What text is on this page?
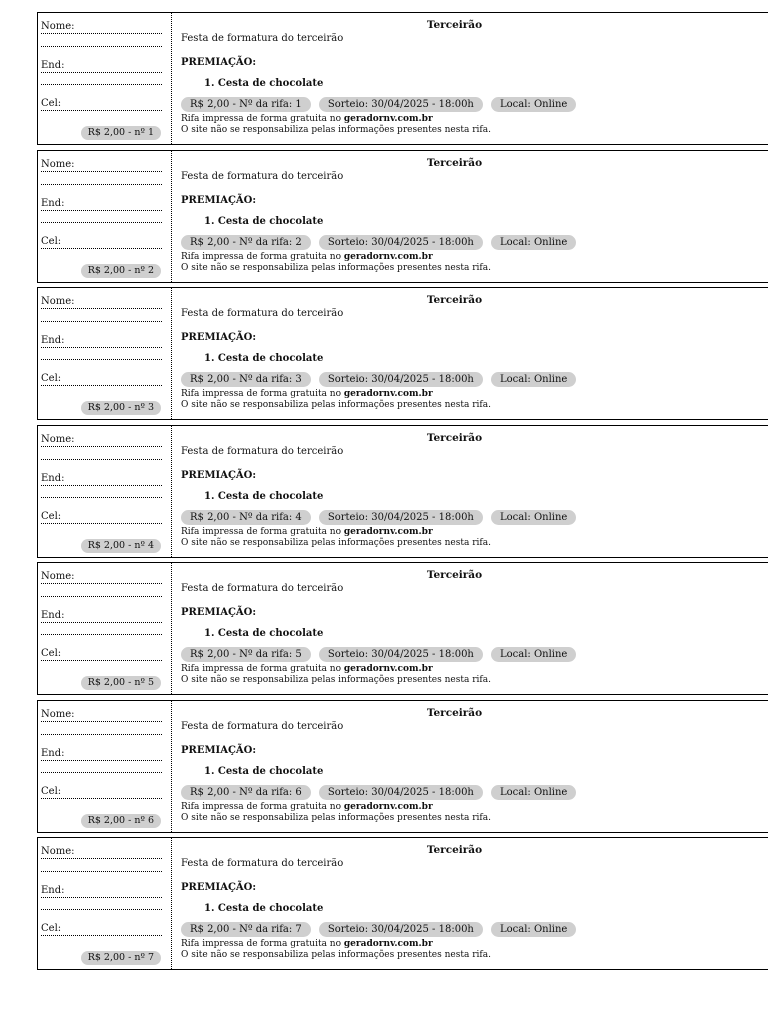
Nome:
End:
Cel:
R$ 2,00 - nº 1
Terceirão
Festa de formatura do terceirão
PREMIAÇÃO:
1. Cesta de chocolate
R$ 2,00 - Nº da rifa: 1	Sorteio: 30/04/2025 - 18:00h	Local: Online
Rifa impressa de forma gratuita no geradornv.com.br
O site não se responsabiliza pelas informações presentes nesta rifa.
Nome:
End:
Cel:
R$ 2,00 - nº 2
Terceirão
Festa de formatura do terceirão
PREMIAÇÃO:
1. Cesta de chocolate
R$ 2,00 - Nº da rifa: 2	Sorteio: 30/04/2025 - 18:00h	Local: Online
Rifa impressa de forma gratuita no geradornv.com.br
O site não se responsabiliza pelas informações presentes nesta rifa.
Nome:
End:
Cel:
R$ 2,00 - nº 3
Terceirão
Festa de formatura do terceirão
PREMIAÇÃO:
1. Cesta de chocolate
R$ 2,00 - Nº da rifa: 3	Sorteio: 30/04/2025 - 18:00h	Local: Online
Rifa impressa de forma gratuita no geradornv.com.br
O site não se responsabiliza pelas informações presentes nesta rifa.
Nome:
End:
Cel:
R$ 2,00 - nº 4
Terceirão
Festa de formatura do terceirão
PREMIAÇÃO:
1. Cesta de chocolate
R$ 2,00 - Nº da rifa: 4	Sorteio: 30/04/2025 - 18:00h	Local: Online
Rifa impressa de forma gratuita no geradornv.com.br
O site não se responsabiliza pelas informações presentes nesta rifa.
Nome:
End:
Cel:
R$ 2,00 - nº 5
Terceirão
Festa de formatura do terceirão
PREMIAÇÃO:
1. Cesta de chocolate
R$ 2,00 - Nº da rifa: 5	Sorteio: 30/04/2025 - 18:00h	Local: Online
Rifa impressa de forma gratuita no geradornv.com.br
O site não se responsabiliza pelas informações presentes nesta rifa.
Nome:
End:
Cel:
R$ 2,00 - nº 6
Terceirão
Festa de formatura do terceirão
PREMIAÇÃO:
1. Cesta de chocolate
R$ 2,00 - Nº da rifa: 6	Sorteio: 30/04/2025 - 18:00h	Local: Online
Rifa impressa de forma gratuita no geradornv.com.br
O site não se responsabiliza pelas informações presentes nesta rifa.
Nome:
End:
Cel:
R$ 2,00 - nº 7
Terceirão
Festa de formatura do terceirão
PREMIAÇÃO:
1. Cesta de chocolate
R$ 2,00 - Nº da rifa: 7	Sorteio: 30/04/2025 - 18:00h	Local: Online
Rifa impressa de forma gratuita no geradornv.com.br
O site não se responsabiliza pelas informações presentes nesta rifa.
